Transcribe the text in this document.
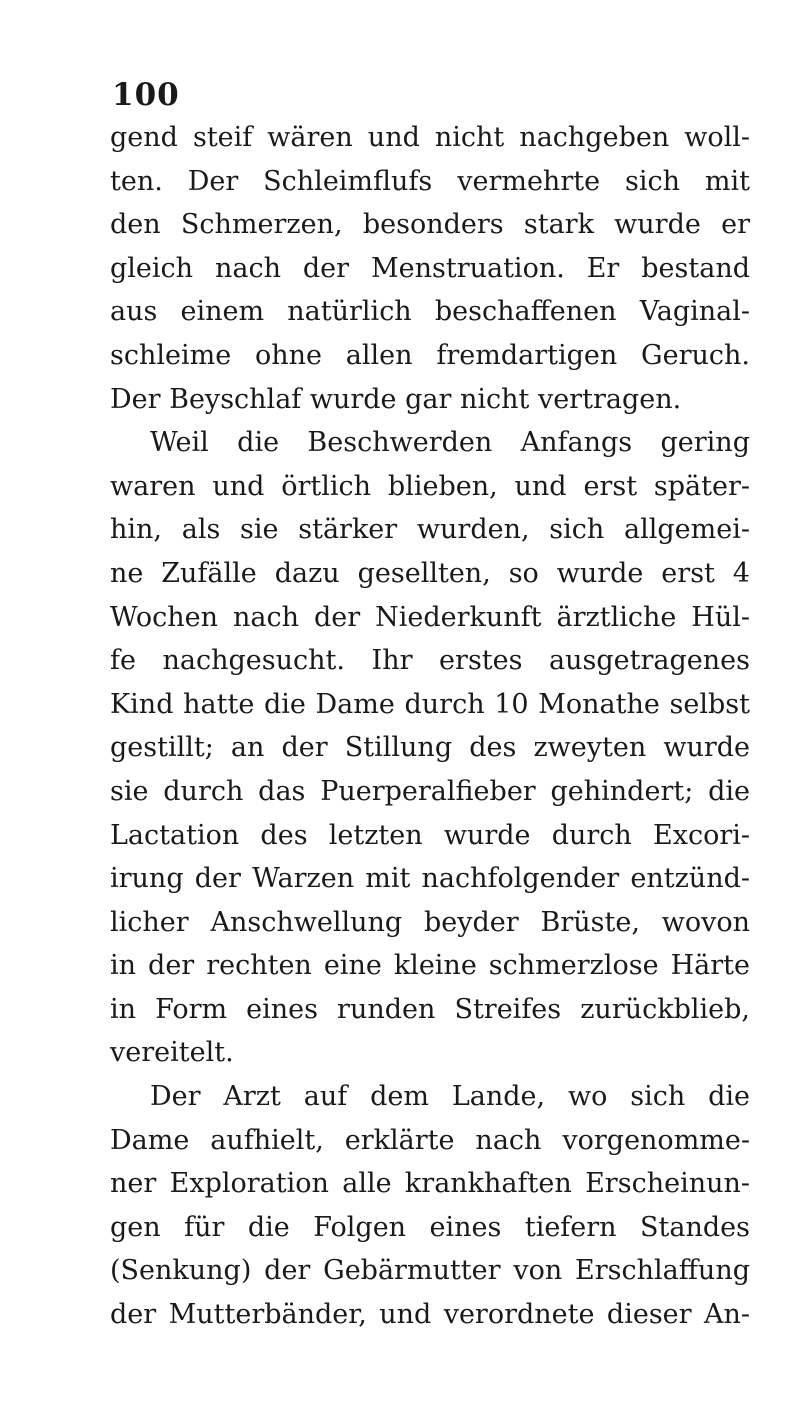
100
gend steif wären und nicht nachgeben woll-
ten. Der Schleimflufs vermehrte sich mit
den Schmerzen, besonders stark wurde er
gleich nach der Menstruation. Er bestand
aus einem natürlich beschaffenen Vaginal-
schleime ohne allen fremdartigen Geruch.
Der Beyschlaf wurde gar nicht vertragen.
Weil die Beschwerden Anfangs gering
waren und örtlich blieben, und erst später-
hin, als sie stärker wurden, sich allgemei-
ne Zufälle dazu gesellten, so wurde erst 4
Wochen nach der Niederkunft ärztliche Hül-
fe nachgesucht. Ihr erstes ausgetragenes
Kind hatte die Dame durch 10 Monathe selbst
gestillt; an der Stillung des zweyten wurde
sie durch das Puerperalfieber gehindert; die
Lactation des letzten wurde durch Excori-
irung der Warzen mit nachfolgender entzünd-
licher Anschwellung beyder Brüste, wovon
in der rechten eine kleine schmerzlose Härte
in Form eines runden Streifes zurückblieb,
vereitelt.
Der Arzt auf dem Lande, wo sich die
Dame aufhielt, erklärte nach vorgenomme-
ner Exploration alle krankhaften Erscheinun-
gen für die Folgen eines tiefern Standes
(Senkung) der Gebärmutter von Erschlaffung
der Mutterbänder, und verordnete dieser An-
